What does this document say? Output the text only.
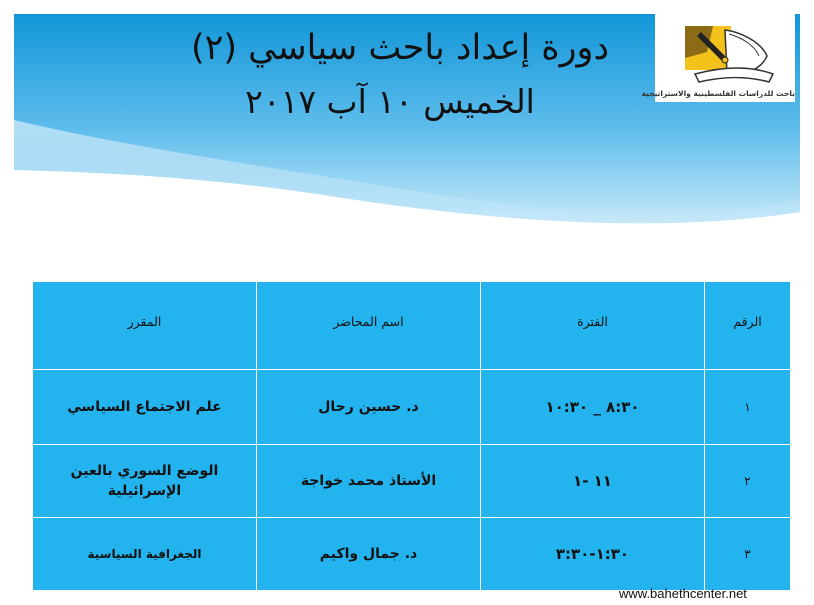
دورة إعداد باحث سياسي (٢)
الخميس ١٠ آب ٢٠١٧	باحث للدراسات الفلسطينية والاستراتيجية
الرقم	الفترة	اسم المحاضر	المقرر
١	٨:٣٠ _ ١٠:٣٠	د. حسين رحال	علم الاجتماع السياسي
٢	١١ -١	الأستاذ محمد خواجة	الوضع السوري بالعين الإسرائيلية
٣	١:٣٠-٣:٣٠	د. جمال واكيم	الجغرافية السياسية
www.bahethcenter.net
